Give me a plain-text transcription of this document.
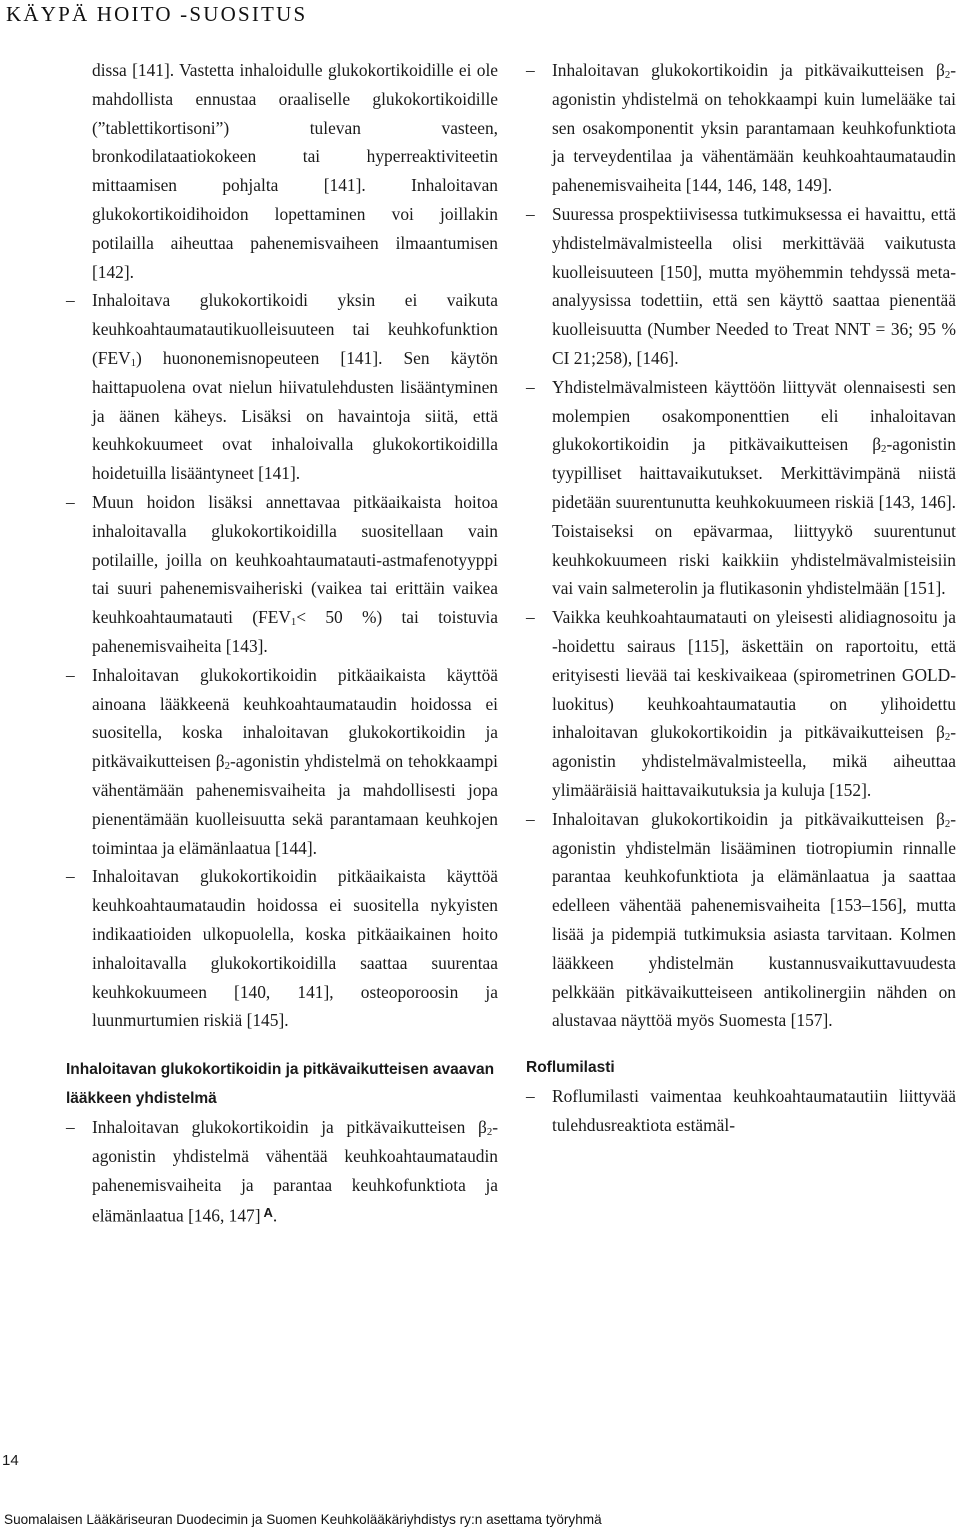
KÄYPÄ HOITO -SUOSITUS

dissa [141]. Vastetta inhaloidulle glukokortikoidille ei ole mahdollista ennustaa oraaliselle glukokortikoidille (”tablettikortisoni”) tulevan vasteen, bronkodilataatiokokeen tai hyperreaktiviteetin mittaamisen pohjalta [141]. Inhaloitavan glukokortikoidihoidon lopettaminen voi joillakin potilailla aiheuttaa pahenemisvaiheen ilmaantumisen [142].

– Inhaloitava glukokortikoidi yksin ei vaikuta keuhkoahtaumatautikuolleisuuteen tai keuhkofunktion $(FEV_1)$ huononemisnopeuteen [141]. Sen käytön haittapuolena ovat nielun hiivatulehdusten lisääntyminen ja äänen käheys. Lisäksi on havaintoja siitä, että keuhkokuumeet ovat inhaloivalla glukokortikoidilla hoidetuilla lisääntyneet [141].
– Muun hoidon lisäksi annettavaa pitkäaikaista hoitoa inhaloitavalla glukokortikoidilla suositellaan vain potilaille, joilla on keuhkoahtaumatauti-astmafenotyyppi tai suuri pahenemisvaiheriski (vaikea tai erittäin vaikea keuhkoahtaumatauti ($FEV_1< 50$ %) tai toistuvia pahenemisvaiheita [143].
– Inhaloitavan glukokortikoidin pitkäaikaista käyttöä ainoana lääkkeenä keuhkoahtaumataudin hoidossa ei suositella, koska inhaloitavan glukokortikoidin ja pitkävaikutteisen $\beta_2$-agonistin yhdistelmä on tehokkaampi vähentämään pahenemisvaiheita ja mahdollisesti jopa pienentämään kuolleisuutta sekä parantamaan keuhkojen toimintaa ja elämänlaatua [144].
– Inhaloitavan glukokortikoidin pitkäaikaista käyttöä keuhkoahtaumataudin hoidossa ei suositella nykyisten indikaatioiden ulkopuolella, koska pitkäaikainen hoito inhaloitavalla glukokortikoidilla saattaa suurentaa keuhkokuumeen [140, 141], osteoporoosin ja luunmurtumien riskiä [145].

Inhaloitavan glukokortikoidin ja pitkävaikutteisen avaavan lääkkeen yhdistelmä

– Inhaloitavan glukokortikoidin ja pitkävaikutteisen $\beta_2$-agonistin yhdistelmä vähentää keuhkoahtaumataudin pahenemisvaiheita ja parantaa keuhkofunktiota ja elämänlaatua [146, 147] $^A$.
– Inhaloitavan glukokortikoidin ja pitkävaikutteisen $\beta_2$-agonistin yhdistelmä on tehokkaampi kuin lumelääke tai sen osakomponentit yksin parantamaan keuhkofunktiota ja terveydentilaa ja vähentämään keuhkoahtaumataudin pahenemisvaiheita [144, 146, 148, 149].
– Suuressa prospektiivisessa tutkimuksessa ei havaittu, että yhdistelmävalmisteella olisi merkittävää vaikutusta kuolleisuuteen [150], mutta myöhemmin tehdyssä meta-analyysissa todettiin, että sen käyttö saattaa pienentää kuolleisuutta (Number Needed to Treat NNT = 36; 95 % CI 21;258), [146].
– Yhdistelmävalmisteen käyttöön liittyvät olennaisesti sen molempien osakomponenttien eli inhaloitavan glukokortikoidin ja pitkävaikutteisen $\beta_2$-agonistin tyypilliset haittavaikutukset. Merkittävimpänä niistä pidetään suurentunutta keuhkokuumeen riskiä [143, 146]. Toistaiseksi on epävarmaa, liittyykö suurentunut keuhkokuumeen riski kaikkiin yhdistelmävalmisteisiin vai vain salmeterolin ja flutikasonin yhdistelmään [151].
– Vaikka keuhkoahtaumatauti on yleisesti alidiagnosoitu ja -hoidettu sairaus [115], äskettäin on raportoitu, että erityisesti lievää tai keskivaikeaa (spirometrinen GOLD-luokitus) keuhkoahtaumatautia on ylihoidettu inhaloitavan glukokortikoidin ja pitkävaikutteisen $\beta_2$-agonistin yhdistelmävalmisteella, mikä aiheuttaa ylimääräisiä haittavaikutuksia ja kuluja [152].
– Inhaloitavan glukokortikoidin ja pitkävaikutteisen $\beta_2$-agonistin yhdistelmän lisääminen tiotropiumin rinnalle parantaa keuhkofunktiota ja elämänlaatua ja saattaa edelleen vähentää pahenemisvaiheita [153–156], mutta lisää ja pidempiä tutkimuksia asiasta tarvitaan. Kolmen lääkkeen yhdistelmän kustannusvaikuttavuudesta pelkkään pitkävaikutteiseen antikolinergiin nähden on alustavaa näyttöä myös Suomesta [157].

Roflumilasti

– Roflumilasti vaimentaa keuhkoahtaumatautiin liittyvää tulehdusreaktiota estämäl-
14
Suomalaisen Lääkäriseuran Duodecimin ja Suomen Keuhkolääkäriyhdistys ry:n asettama työryhmä
